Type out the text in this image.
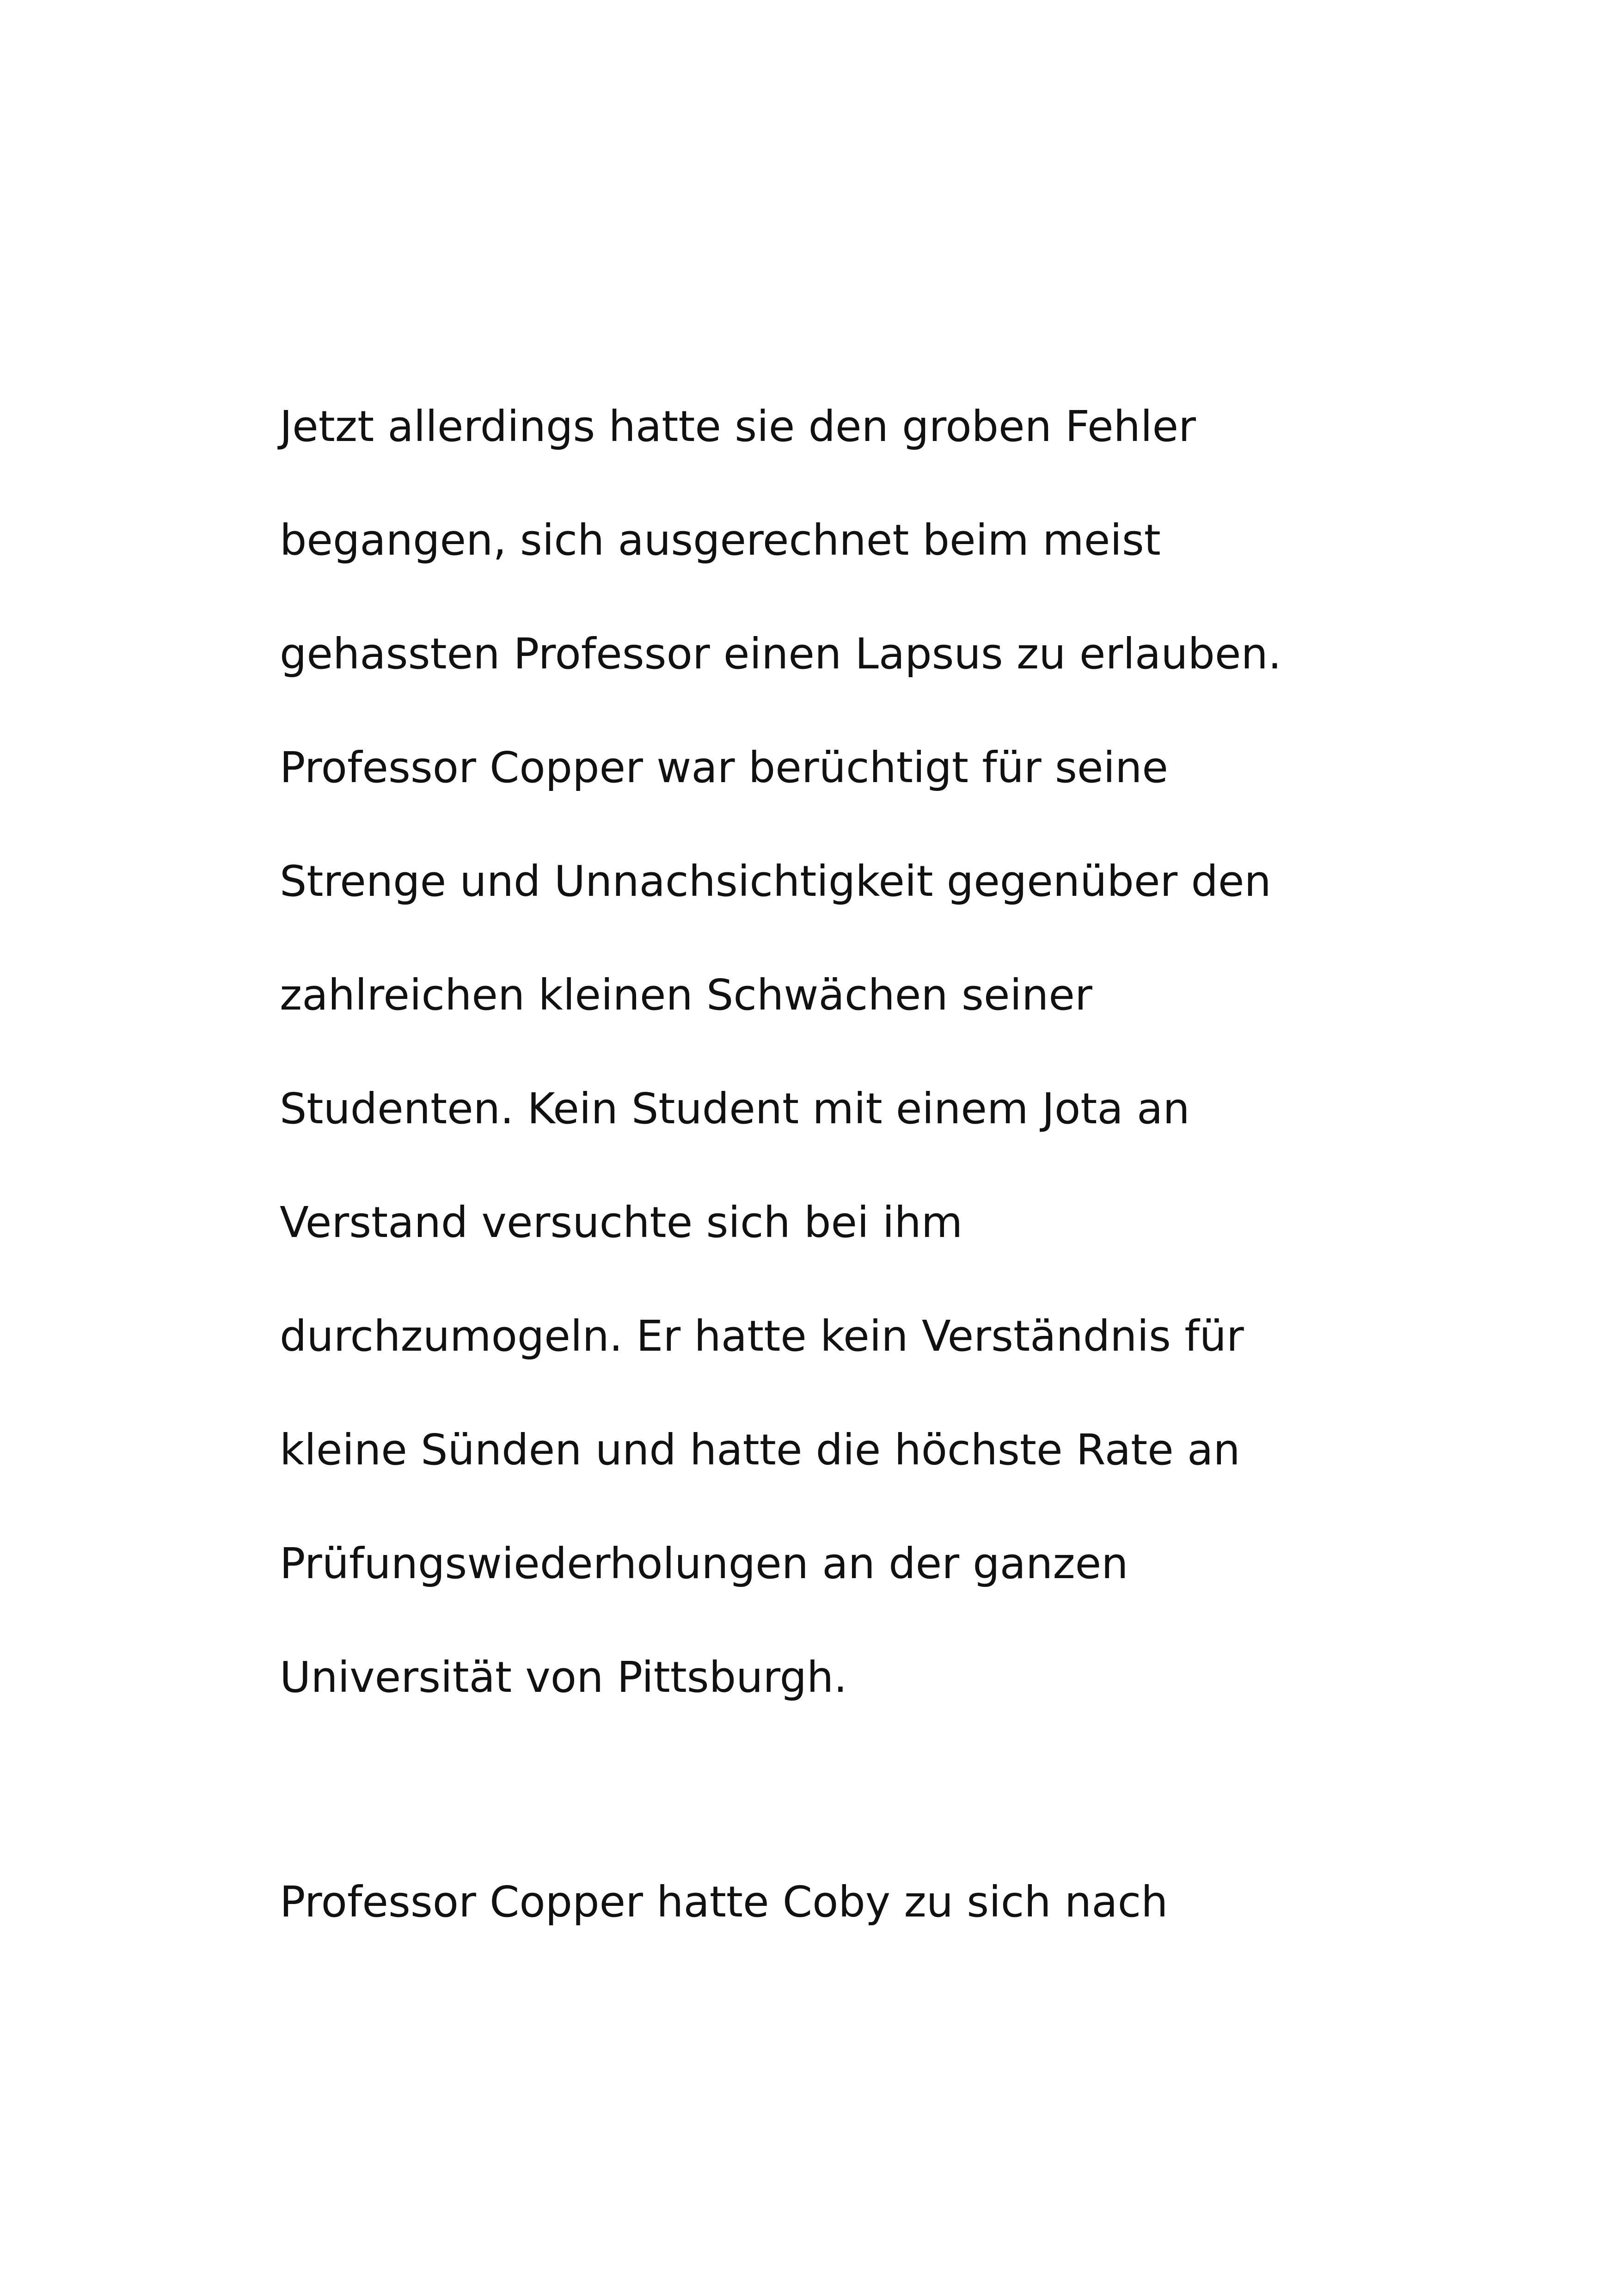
Jetzt allerdings hatte sie den groben Fehler
begangen, sich ausgerechnet beim meist
gehassten Professor einen Lapsus zu erlauben.
Professor Copper war berüchtigt für seine
Strenge und Unnachsichtigkeit gegenüber den
zahlreichen kleinen Schwächen seiner
Studenten. Kein Student mit einem Jota an
Verstand versuchte sich bei ihm
durchzumogeln. Er hatte kein Verständnis für
kleine Sünden und hatte die höchste Rate an
Prüfungswiederholungen an der ganzen
Universität von Pittsburgh.
Professor Copper hatte Coby zu sich nach
